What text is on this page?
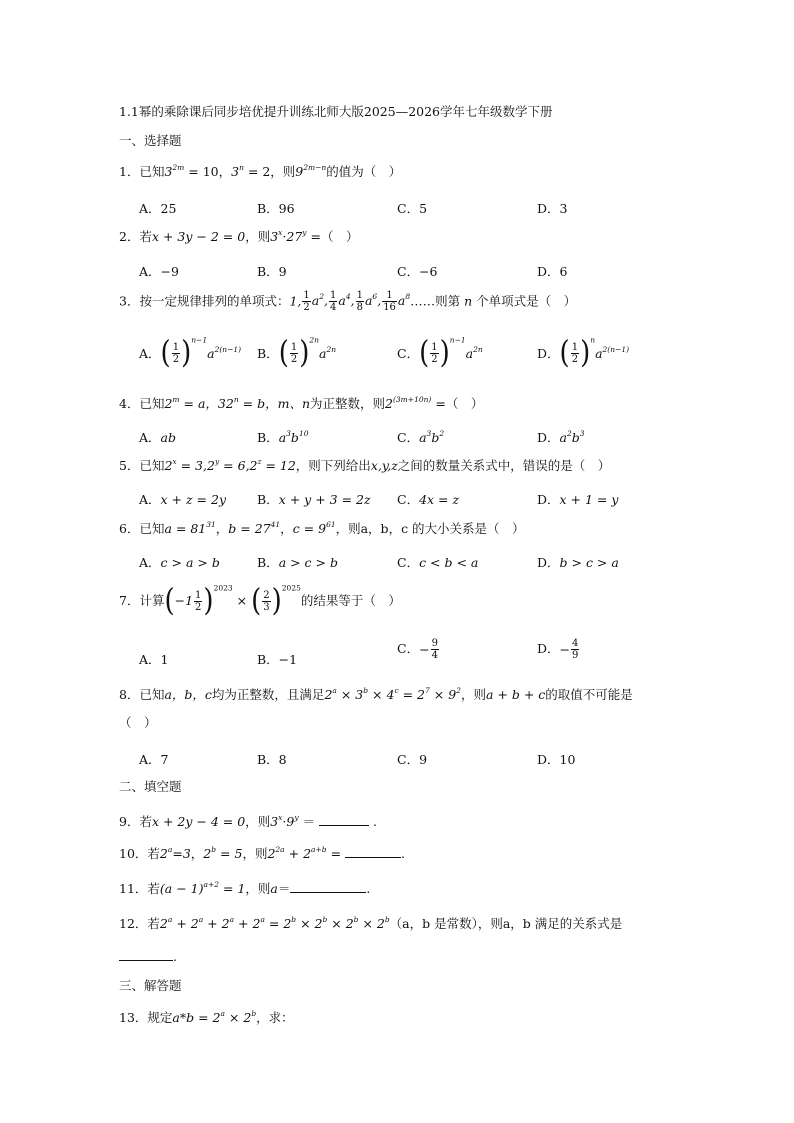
1.1幂的乘除课后同步培优提升训练北师大版2025—2026学年七年级数学下册
一、选择题
1．已知$3^{2m} = 10$，$3^n = 2$，则$9^{2m-n}$的值为（　）
A．25	B．96	C．5	D．3
2．若x + 3y − 2 = 0，则$3^x\cdot 27^y$ =（　）
A．−9	B．9	C．−6	D．6
3．按一定规律排列的单项式：1, $\frac{1}{2} a^2$, $\frac{1}{4} a^4$, $\frac{1}{8} a^6$, $\frac{1}{16}$ $a^8\dots\dots$则第 n 个单项式是（　）
A．( $\frac{1}{2} )^{n-1}a^{2(n-1)}$ B．( $\frac{1}{2} )^{2n}a^{2n}$	C．( $\frac{1}{2} )^{n-1}a^{2n}$	D．( $\frac{1}{2} )^na^{2(n-1)}$
4．已知$2^m = a$，$32^n = b$，m、n为正整数，则$2^{(3m+10n)}$ =（　）
A．ab	B．$a^3b^{10}$	C．$a^3b^2$	D．$a^2b^3$
5．已知$2^x = 3,2^y = 6,2^z = 12$，则下列给出x,y,z之间的数量关系式中，错误的是（　）
A．x + z = 2y B．x + y + 3 = 2z C．4x = z	D．x + 1 = y
6．已知$a = 81^{31}$，$b = 27^{41}$，$c = 9^{61}$，则a，b，c 的大小关系是（　）
A．c > a > b	B．a > c > b	C．c < b < a	D．b > c > a
7．计算$(-1 \frac{1}{2} )^{2023}$ × ( $\frac{2}{3} )^{2025}$的结果等于（　）
A．1	B．−1
C．− $\frac{9}{4}$	D．− $\frac{4}{9}$
8．已知a，b，c均为正整数，且满足$2^a \times 3^b \times 4^c = 2^7 \times 9^2$，则a + b + c的取值不可能是
（　）
A．7	B．8	C．9	D．10
二、填空题
9．若x + 2y − 4 = 0，则$3^x\cdot 9^y$ ＝	.
10．若$2^a=3$，$2^b = 5$，则$2^{2a} + 2^{a+b}$ =	.
11．若$(a - 1)^{a+2} = 1$，则a＝	.
12．若$2^a + 2^a + 2^a + 2^a = 2^b \times 2^b \times 2^b \times 2^b(a$，b 是常数），则a，b 满足的关系式是
.
三、解答题
13．规定$a*b = 2^a \times 2^b$，求：
